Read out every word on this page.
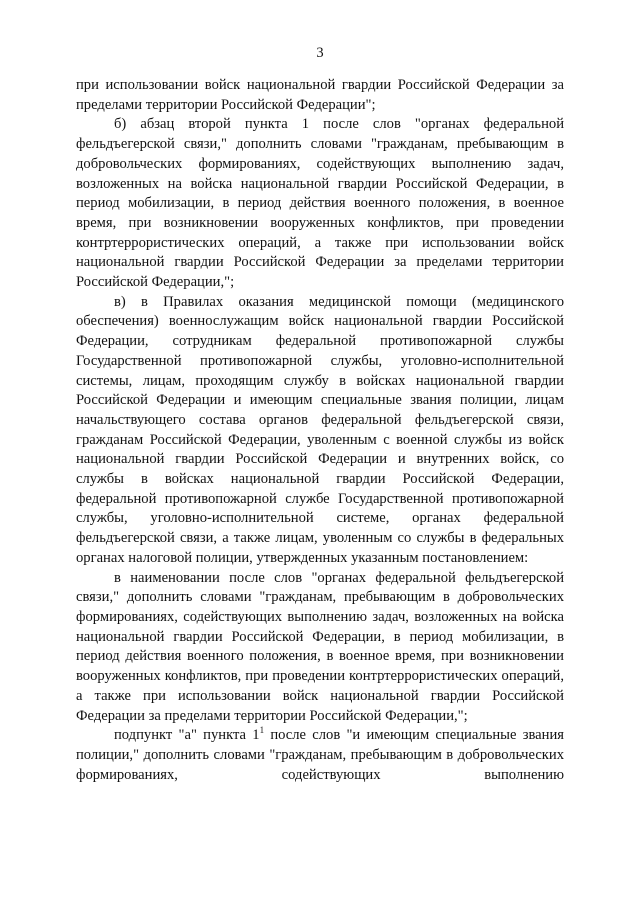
3

при использовании войск национальной гвардии Российской Федерации за пределами территории Российской Федерации";

б) абзац второй пункта 1 после слов "органах федеральной фельдъегерской связи," дополнить словами "гражданам, пребывающим в добровольческих формированиях, содействующих выполнению задач, возложенных на войска национальной гвардии Российской Федерации, в период мобилизации, в период действия военного положения, в военное время, при возникновении вооруженных конфликтов, при проведении контртеррористических операций, а также при использовании войск национальной гвардии Российской Федерации за пределами территории Российской Федерации,";

в) в Правилах оказания медицинской помощи (медицинского обеспечения) военнослужащим войск национальной гвардии Российской Федерации, сотрудникам федеральной противопожарной службы Государственной противопожарной службы, уголовно-исполнительной системы, лицам, проходящим службу в войсках национальной гвардии Российской Федерации и имеющим специальные звания полиции, лицам начальствующего состава органов федеральной фельдъегерской связи, гражданам Российской Федерации, уволенным с военной службы из войск национальной гвардии Российской Федерации и внутренних войск, со службы в войсках национальной гвардии Российской Федерации, федеральной противопожарной службе Государственной противопожарной службы, уголовно-исполнительной системе, органах федеральной фельдъегерской связи, а также лицам, уволенным со службы в федеральных органах налоговой полиции, утвержденных указанным постановлением:

в наименовании после слов "органах федеральной фельдъегерской связи," дополнить словами "гражданам, пребывающим в добровольческих формированиях, содействующих выполнению задач, возложенных на войска национальной гвардии Российской Федерации, в период мобилизации, в период действия военного положения, в военное время, при возникновении вооруженных конфликтов, при проведении контртеррористических операций, а также при использовании войск национальной гвардии Российской Федерации за пределами территории Российской Федерации,";

подпункт "а" пункта $1^1$ после слов "и имеющим специальные звания полиции," дополнить словами "гражданам, пребывающим в добровольческих формированиях, содействующих выполнению
